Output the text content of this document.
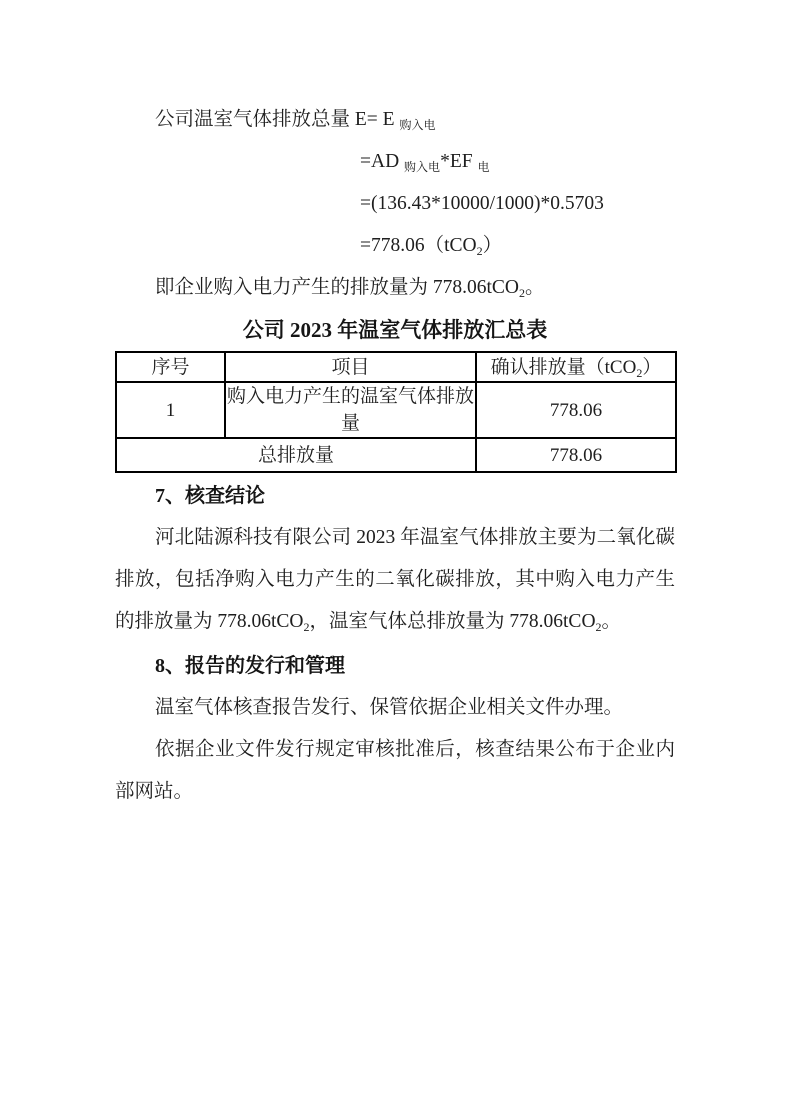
公司温室气体排放总量 E= E $_{购入电}$

=AD $_{购入电}$*EF $_电$

=(136.43*10000/1000)*0.5703

=778.06（tCO$_2$）

即企业购入电力产生的排放量为 778.06tCO$_2$。

公司 2023 年温室气体排放汇总表

序号	项目	确认排放量（tCO$_2$）
1	购入电力产生的温室气体排放量	778.06
总排放量		778.06

7、核查结论

河北陆源科技有限公司 2023 年温室气体排放主要为二氧化碳排放，包括净购入电力产生的二氧化碳排放，其中购入电力产生的排放量为 778.06tCO$_2$，温室气体总排放量为 778.06tCO$_2$。

8、报告的发行和管理

温室气体核查报告发行、保管依据企业相关文件办理。

依据企业文件发行规定审核批准后，核查结果公布于企业内部网站。
